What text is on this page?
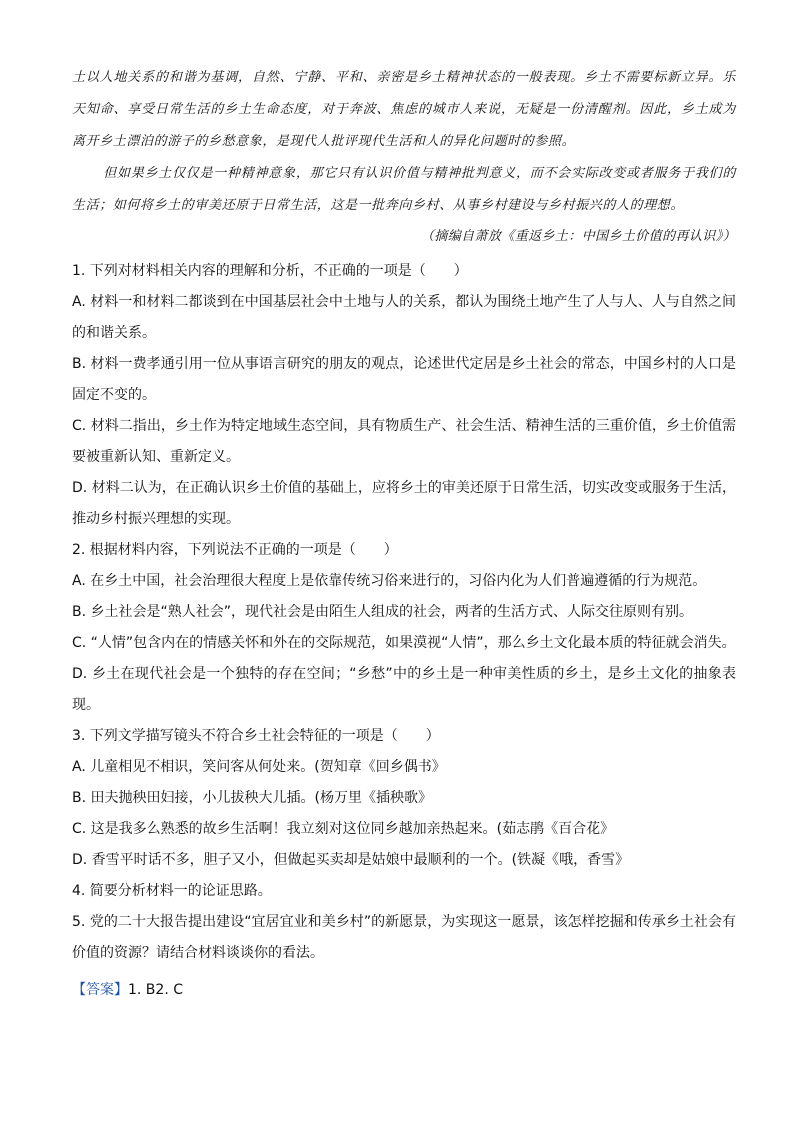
土以人地关系的和谐为基调，自然、宁静、平和、亲密是乡土精神状态的一般表现。乡土不需要标新立异。乐天知命、享受日常生活的乡土生命态度，对于奔波、焦虑的城市人来说，无疑是一份清醒剂。因此，乡土成为离开乡土漂泊的游子的乡愁意象，是现代人批评现代生活和人的异化问题时的参照。

但如果乡土仅仅是一种精神意象，那它只有认识价值与精神批判意义，而不会实际改变或者服务于我们的生活；如何将乡土的审美还原于日常生活，这是一批奔向乡村、从事乡村建设与乡村振兴的人的理想。

（摘编自萧放《重返乡土：中国乡土价值的再认识》）

1. 下列对材料相关内容的理解和分析，不正确的一项是（　　）

A. 材料一和材料二都谈到在中国基层社会中土地与人的关系，都认为围绕土地产生了人与人、人与自然之间的和谐关系。

B. 材料一费孝通引用一位从事语言研究的朋友的观点，论述世代定居是乡土社会的常态，中国乡村的人口是固定不变的。

C. 材料二指出，乡土作为特定地域生态空间，具有物质生产、社会生活、精神生活的三重价值，乡土价值需要被重新认知、重新定义。

D. 材料二认为，在正确认识乡土价值的基础上，应将乡土的审美还原于日常生活，切实改变或服务于生活，推动乡村振兴理想的实现。

2. 根据材料内容，下列说法不正确的一项是（　　）

A. 在乡土中国，社会治理很大程度上是依靠传统习俗来进行的，习俗内化为人们普遍遵循的行为规范。

B. 乡土社会是“熟人社会”，现代社会是由陌生人组成的社会，两者的生活方式、人际交往原则有别。

C. “人情”包含内在的情感关怀和外在的交际规范，如果漠视“人情”，那么乡土文化最本质的特征就会消失。

D. 乡土在现代社会是一个独特的存在空间；“乡愁”中的乡土是一种审美性质的乡土，是乡土文化的抽象表现。

3. 下列文学描写镜头不符合乡土社会特征的一项是（　　）

A. 儿童相见不相识，笑问客从何处来。(贺知章《回乡偶书》

B. 田夫抛秧田妇接，小儿拔秧大儿插。(杨万里《插秧歌》

C. 这是我多么熟悉的故乡生活啊！我立刻对这位同乡越加亲热起来。(茹志鹃《百合花》

D. 香雪平时话不多，胆子又小，但做起买卖却是姑娘中最顺利的一个。(铁凝《哦，香雪》

4. 简要分析材料一的论证思路。

5. 党的二十大报告提出建设“宜居宜业和美乡村”的新愿景，为实现这一愿景，该怎样挖掘和传承乡土社会有价值的资源？请结合材料谈谈你的看法。

【答案】1. B2. C
